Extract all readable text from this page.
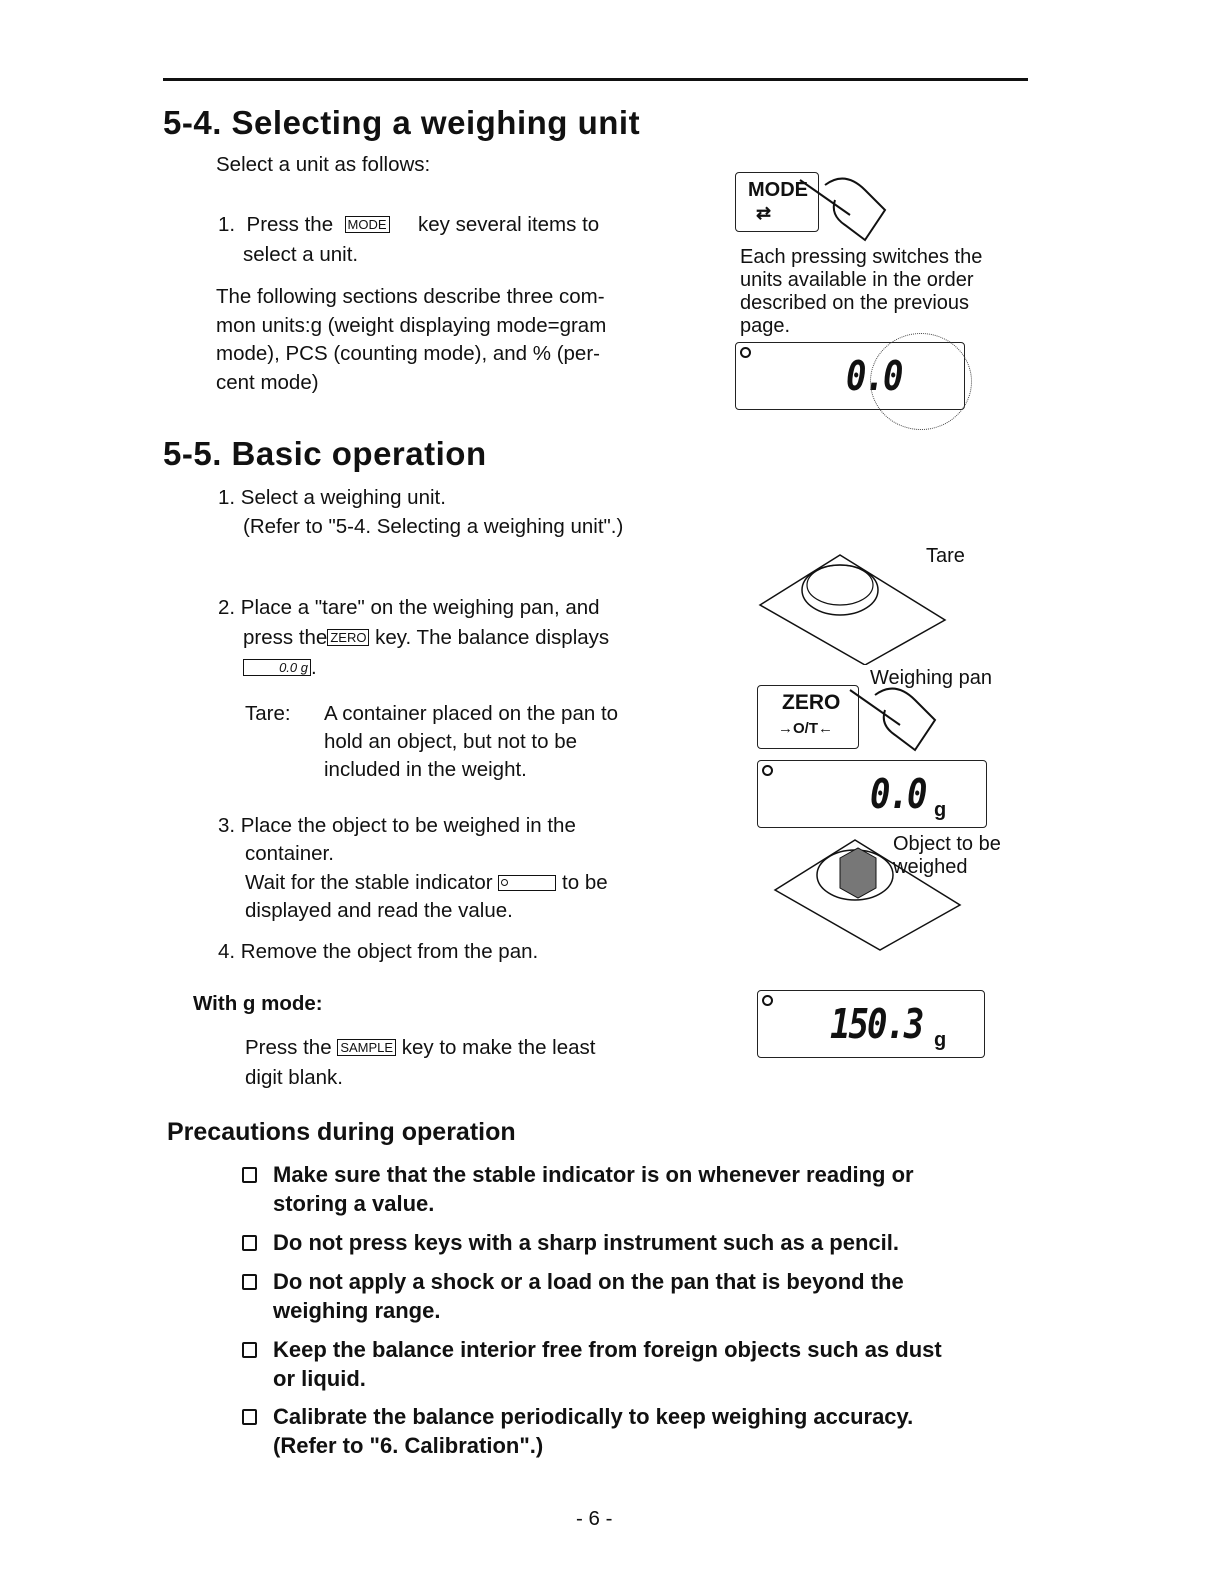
5-4. Selecting a weighing unit
Select a unit as follows:
1. Press the MODE key several items to
select a unit.
The following sections describe three com-
mon units:g (weight displaying mode=gram
mode), PCS (counting mode), and % (per-
cent mode)
MODE
⇄
Each pressing switches the
units available in the order
described on the previous
page.
0.0
5-5. Basic operation
1. Select a weighing unit.
(Refer to "5-4. Selecting a weighing unit".)
2. Place a "tare" on the weighing pan, and
press the ZERO key. The balance displays
0.0 g .
Tare: A container placed on the pan to
hold an object, but not to be
included in the weight.
3. Place the object to be weighed in the
container.
Wait for the stable indicator	to be
displayed and read the value.
4. Remove the object from the pan.
With g mode:
Press the SAMPLE key to make the least
digit blank.
Tare
Weighing pan
ZERO
→O/T←
0.0 g
Object to be
weighed
150.3 g
Precautions during operation
Make sure that the stable indicator is on whenever reading or
storing a value.
Do not press keys with a sharp instrument such as a pencil.
Do not apply a shock or a load on the pan that is beyond the
weighing range.
Keep the balance interior free from foreign objects such as dust
or liquid.
Calibrate the balance periodically to keep weighing accuracy.
(Refer to "6. Calibration".)
- 6 -
